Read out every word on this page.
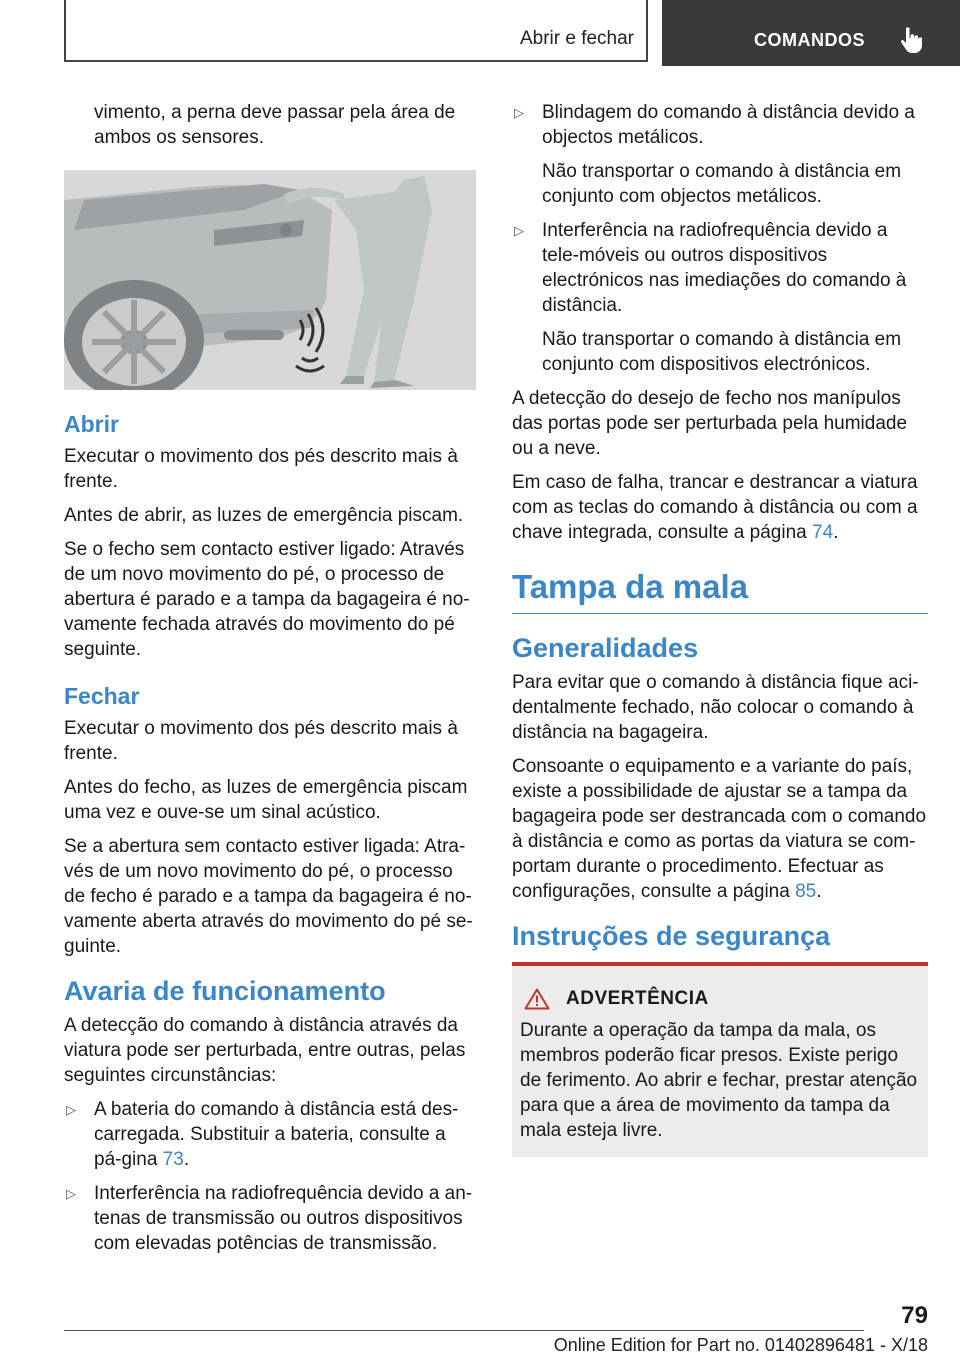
Abrir e fechar	COMANDOS

vimento, a perna deve passar pela área de ambos os sensores.

Abrir

Executar o movimento dos pés descrito mais à frente.

Antes de abrir, as luzes de emergência piscam.

Se o fecho sem contacto estiver ligado: Através de um novo movimento do pé, o processo de abertura é parado e a tampa da bagageira é no‐vamente fechada através do movimento do pé seguinte.

Fechar

Executar o movimento dos pés descrito mais à frente.

Antes do fecho, as luzes de emergência piscam uma vez e ouve-se um sinal acústico.

Se a abertura sem contacto estiver ligada: Atra‐vés de um novo movimento do pé, o processo de fecho é parado e a tampa da bagageira é no‐vamente aberta através do movimento do pé se‐guinte.

Avaria de funcionamento

A detecção do comando à distância através da viatura pode ser perturbada, entre outras, pelas seguintes circunstâncias:

▷ A bateria do comando à distância está des‐carregada. Substituir a bateria, consulte a pá‐gina 73.
▷ Interferência na radiofrequência devido a an‐tenas de transmissão ou outros dispositivos com elevadas potências de transmissão.
▷ Blindagem do comando à distância devido a objectos metálicos.

Não transportar o comando à distância em conjunto com objectos metálicos.

▷ Interferência na radiofrequência devido a tele‐móveis ou outros dispositivos electrónicos nas imediações do comando à distância.

Não transportar o comando à distância em conjunto com dispositivos electrónicos.

A detecção do desejo de fecho nos manípulos das portas pode ser perturbada pela humidade ou a neve.

Em caso de falha, trancar e destrancar a viatura com as teclas do comando à distância ou com a chave integrada, consulte a página 74.

Tampa da mala
Generalidades

Para evitar que o comando à distância fique aci‐dentalmente fechado, não colocar o comando à distância na bagageira.

Consoante o equipamento e a variante do país, existe a possibilidade de ajustar se a tampa da bagageira pode ser destrancada com o comando à distância e como as portas da viatura se com‐portam durante o procedimento. Efectuar as configurações, consulte a página 85.

Instruções de segurança
ADVERTÊNCIA

Durante a operação da tampa da mala, os membros poderão ficar presos. Existe perigo de ferimento. Ao abrir e fechar, prestar atenção para que a área de movimento da tampa da mala esteja livre.

79
Online Edition for Part no. 01402896481 - X/18
